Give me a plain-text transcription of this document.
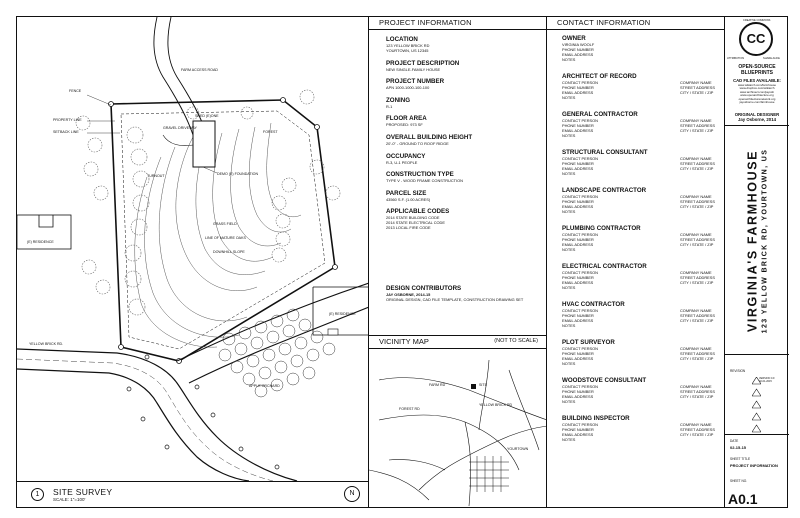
FARM ACCESS ROAD
FENCE
PROPERTY LINE
SETBACK LINE
GRAVEL DRIVEWAY
SHED (E)ONE
FOREST
TURNOUT	DEMO (E) FOUNDATION
GRASS FIELD
LINE OF MATURE OAKS
DOWNHILL SLOPE
(E) RESIDENCE
(E) RESIDENCE
YELLOW BRICK RD.
APPLE ORCHARD
1	SITE SURVEY
SCALE: 1"=100'
N
PROJECT INFORMATION
LOCATION
123 YELLOW BRICK RD
YOURTOWN, US 12345
PROJECT DESCRIPTION
NEW SINGLE-FAMILY HOUSE
PROJECT NUMBER
APN 1000-1000-100-100
ZONING
R-1
FLOOR AREA
PROPOSED: 973 SF
OVERALL BUILDING HEIGHT
20'-0" - GROUND TO ROOF RIDGE
OCCUPANCY
R-3, U-1 PEOPLE
CONSTRUCTION TYPE
TYPE V - WOOD FRAME CONSTRUCTION
PARCEL SIZE
43560 S.F. (1.00 ACRES)
APPLICABLE CODES
2014 STATE BUILDING CODE
2014 STATE ELECTRICAL CODE
2013 LOCAL FIRE CODE
DESIGN CONTRIBUTORS
JAY OSBORNE, 2014-15
ORIGINAL DESIGN, CAD FILE TEMPLATE, CONSTRUCTION DRAWING SET
CONTACT INFORMATION
OWNER
VIRGINIA WOOLF
PHONE NUMBER
EMAIL ADDRESS
NOTES
ARCHITECT OF RECORD
CONTACT PERSON	COMPANY NAME
PHONE NUMBER	STREET ADDRESS
EMAIL ADDRESS	CITY / STATE / ZIP
NOTES
GENERAL CONTRACTOR
CONTACT PERSON	COMPANY NAME
PHONE NUMBER	STREET ADDRESS
EMAIL ADDRESS	CITY / STATE / ZIP
NOTES
STRUCTURAL CONSULTANT
CONTACT PERSON	COMPANY NAME
PHONE NUMBER	STREET ADDRESS
EMAIL ADDRESS	CITY / STATE / ZIP
NOTES
LANDSCAPE CONTRACTOR
CONTACT PERSON	COMPANY NAME
PHONE NUMBER	STREET ADDRESS
EMAIL ADDRESS	CITY / STATE / ZIP
NOTES
PLUMBING CONTRACTOR
CONTACT PERSON	COMPANY NAME
PHONE NUMBER	STREET ADDRESS
EMAIL ADDRESS	CITY / STATE / ZIP
NOTES
ELECTRICAL CONTRACTOR
CONTACT PERSON	COMPANY NAME
PHONE NUMBER	STREET ADDRESS
EMAIL ADDRESS	CITY / STATE / ZIP
NOTES
HVAC CONTRACTOR
CONTACT PERSON	COMPANY NAME
PHONE NUMBER	STREET ADDRESS
EMAIL ADDRESS	CITY / STATE / ZIP
NOTES
PLOT SURVEYOR
CONTACT PERSON	COMPANY NAME
PHONE NUMBER	STREET ADDRESS
EMAIL ADDRESS	CITY / STATE / ZIP
NOTES
WOODSTOVE CONSULTANT
CONTACT PERSON	COMPANY NAME
PHONE NUMBER	STREET ADDRESS
EMAIL ADDRESS	CITY / STATE / ZIP
NOTES
BUILDING INSPECTOR
CONTACT PERSON	COMPANY NAME
PHONE NUMBER	STREET ADDRESS
EMAIL ADDRESS	CITY / STATE / ZIP
NOTES
VICINITY MAP	(NOT TO SCALE)
SITE
FARM RD
YELLOW BRICK RD
FOREST RD
YOURTOWN
CC
CREATIVE COMMONS
ATTRIBUTION	SHARE ALIKE
OPEN-SOURCE
BLUEPRINTS
CAD FILES AVAILABLE:
www.wikiarch.com/farmhouse
www.dropbox.com/wikiarch
www.archinect.com/jayosb
www.openarchitecture.org
openarchitecturenetwork.org
jayosborne.com/farmhouse
ORIGINAL DESIGNER
Jay Osborne, 2014
VIRGINIA'S FARMHOUSE 123 YELLOW BRICK RD, YOURTOWN, US
REVISION
VERSION 0.9
02-01-2015
DATE
02-15-15
SHEET TITLE
PROJECT INFORMATION
SHEET NO.
A0.1
